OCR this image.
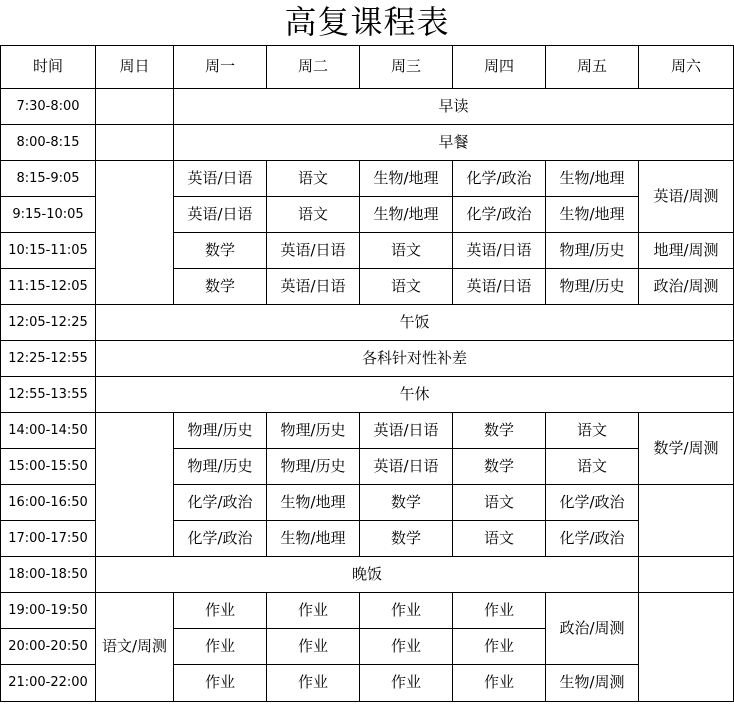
高复课程表							
时间	周日	周一	周二	周三	周四	周五	周六
7:30-8:00		早读					
8:00-8:15		早餐					
8:15-9:05		英语/日语	语文	生物/地理	化学/政治	生物/地理	英语/周测
9:15-10:05		英语/日语	语文	生物/地理	化学/政治	生物/地理	
10:15-11:05		数学	英语/日语	语文	英语/日语	物理/历史	地理/周测
11:15-12:05		数学	英语/日语	语文	英语/日语	物理/历史	政治/周测
12:05-12:25	午饭						
12:25-12:55	各科针对性补差						
12:55-13:55	午休						
14:00-14:50		物理/历史	物理/历史	英语/日语	数学	语文	数学/周测
15:00-15:50		物理/历史	物理/历史	英语/日语	数学	语文	
16:00-16:50		化学/政治	生物/地理	数学	语文	化学/政治	
17:00-17:50		化学/政治	生物/地理	数学	语文	化学/政治	
18:00-18:50	晚饭						
19:00-19:50	语文/周测	作业	作业	作业	作业	政治/周测	
20:00-20:50		作业	作业	作业	作业		
21:00-22:00		作业	作业	作业	作业	生物/周测	
